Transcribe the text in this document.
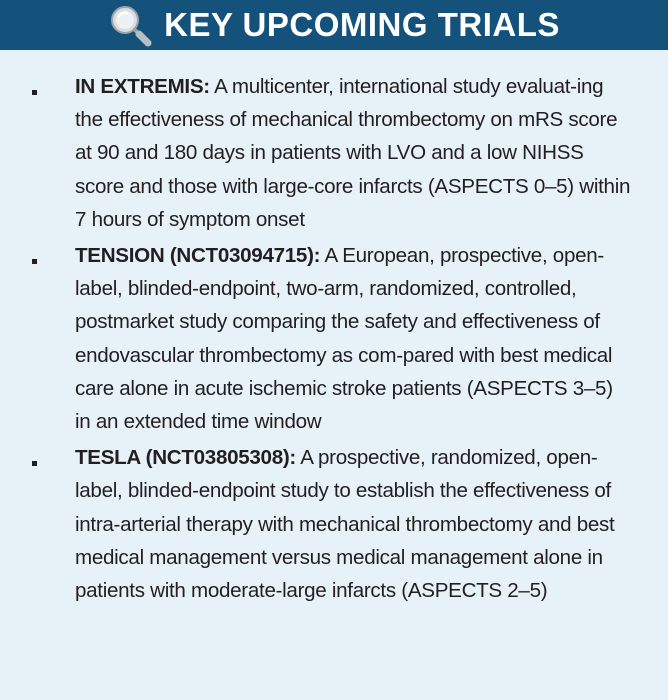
KEY UPCOMING TRIALS
IN EXTREMIS: A multicenter, international study evaluat-ing the effectiveness of mechanical thrombectomy on mRS score at 90 and 180 days in patients with LVO and a low NIHSS score and those with large-core infarcts (ASPECTS 0–5) within 7 hours of symptom onset
TENSION (NCT03094715): A European, prospective, open-label, blinded-endpoint, two-arm, randomized, controlled, postmarket study comparing the safety and effectiveness of endovascular thrombectomy as com-pared with best medical care alone in acute ischemic stroke patients (ASPECTS 3–5) in an extended time window
TESLA (NCT03805308): A prospective, randomized, open-label, blinded-endpoint study to establish the effectiveness of intra-arterial therapy with mechanical thrombectomy and best medical management versus medical management alone in patients with moderate-large infarcts (ASPECTS 2–5)
